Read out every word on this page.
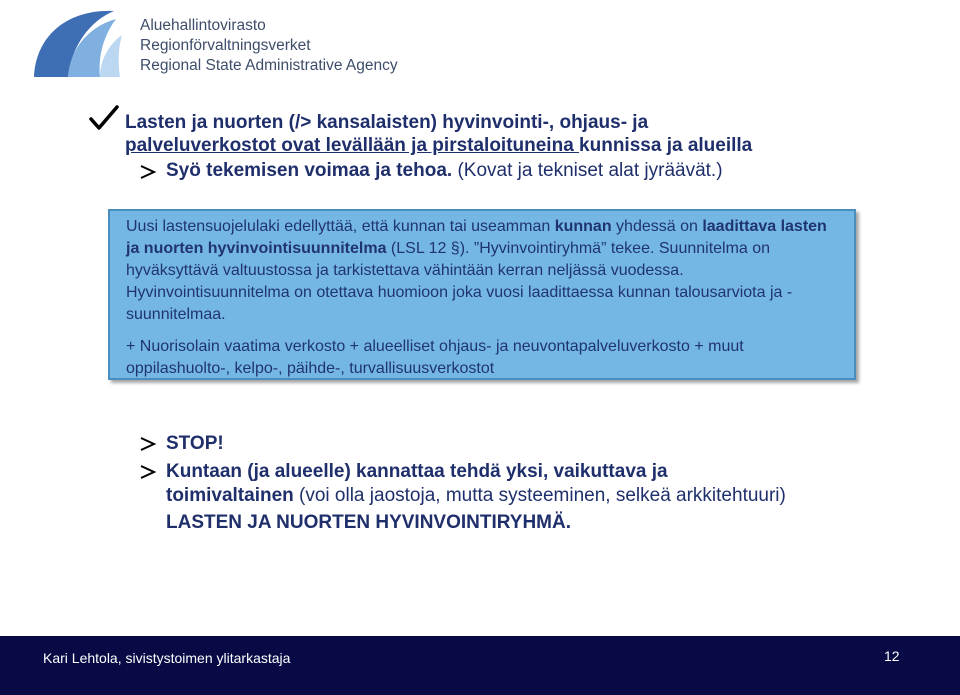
Aluehallintovirasto
Regionförvaltningsverket
Regional State Administrative Agency
Lasten ja nuorten (/> kansalaisten) hyvinvointi-, ohjaus- ja
palveluverkostot ovat levällään ja pirstaloituneina kunnissa ja alueilla
Syö tekemisen voimaa ja tehoa. (Kovat ja tekniset alat jyräävät.)

Uusi lastensuojelulaki edellyttää, että kunnan tai useamman kunnan yhdessä on laadittava lasten ja nuorten hyvinvointisuunnitelma (LSL 12 §). ”Hyvinvointiryhmä” tekee. Suunnitelma on hyväksyttävä valtuustossa ja tarkistettava vähintään kerran neljässä vuodessa. Hyvinvointisuunnitelma on otettava huomioon joka vuosi laadittaessa kunnan talousarviota ja -suunnitelmaa.

+ Nuorisolain vaatima verkosto + alueelliset ohjaus- ja neuvontapalveluverkosto + muut oppilashuolto-, kelpo-, päihde-, turvallisuusverkostot

STOP!
Kuntaan (ja alueelle) kannattaa tehdä yksi, vaikuttava ja
toimivaltainen (voi olla jaostoja, mutta systeeminen, selkeä arkkitehtuuri)
LASTEN JA NUORTEN HYVINVOINTIRYHMÄ.
Kari Lehtola, sivistystoimen ylitarkastaja	12
